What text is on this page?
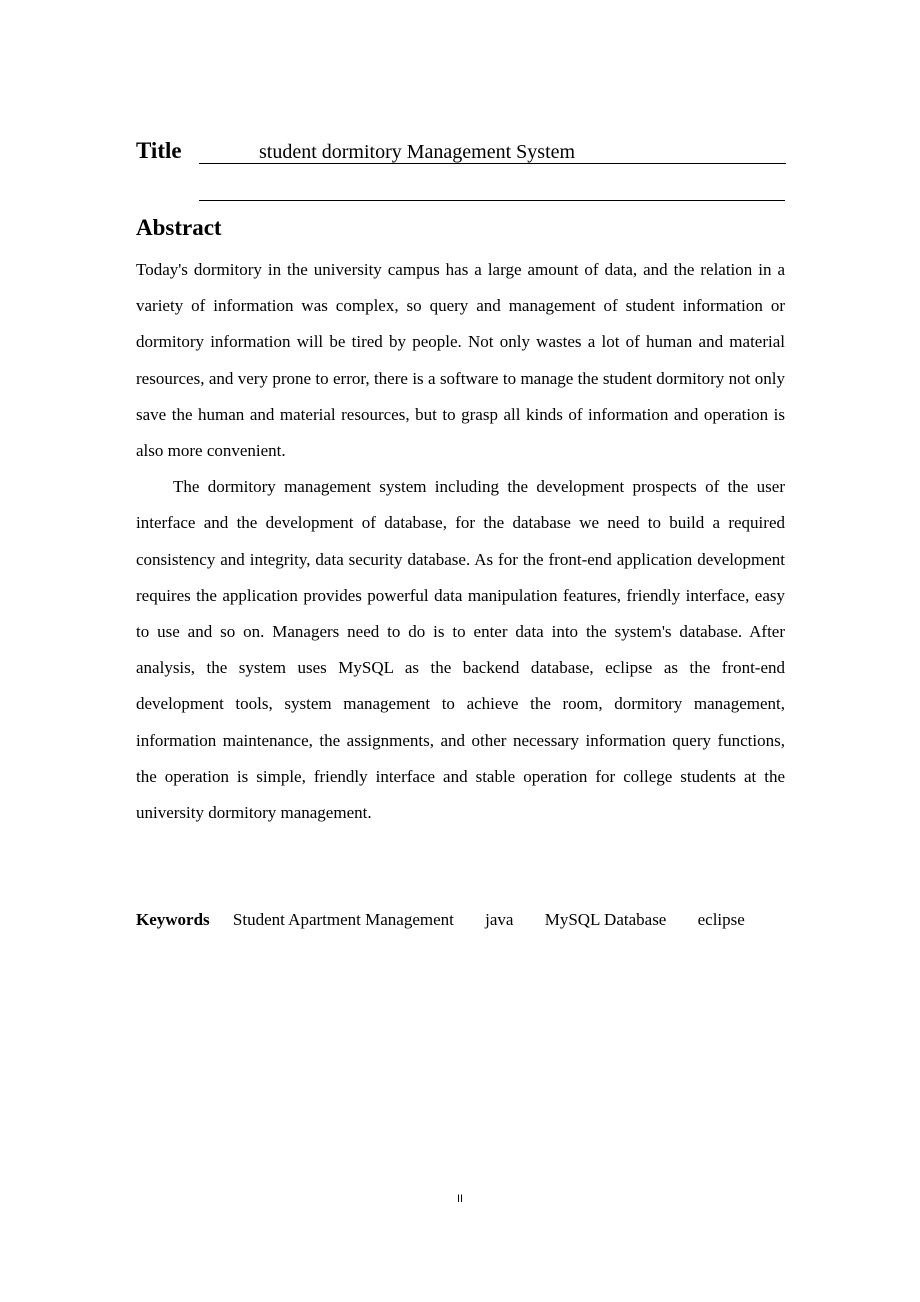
Title	student dormitory Management System
Abstract

Today's dormitory in the university campus has a large amount of data, and the relation in a variety of information was complex, so query and management of student information or dormitory information will be tired by people. Not only wastes a lot of human and material resources, and very prone to error, there is a software to manage the student dormitory not only save the human and material resources, but to grasp all kinds of information and operation is also more convenient.

The dormitory management system including the development prospects of the user interface and the development of database, for the database we need to build a required consistency and integrity, data security database. As for the front-end application development requires the application provides powerful data manipulation features, friendly interface, easy to use and so on. Managers need to do is to enter data into the system's database. After analysis, the system uses MySQL as the backend database, eclipse as the front-end development tools, system management to achieve the room, dormitory management, information maintenance, the assignments, and other necessary information query functions, the operation is simple, friendly interface and stable operation for college students at the university dormitory management.

Keywords Student Apartment Management java MySQL Database eclipse
II
